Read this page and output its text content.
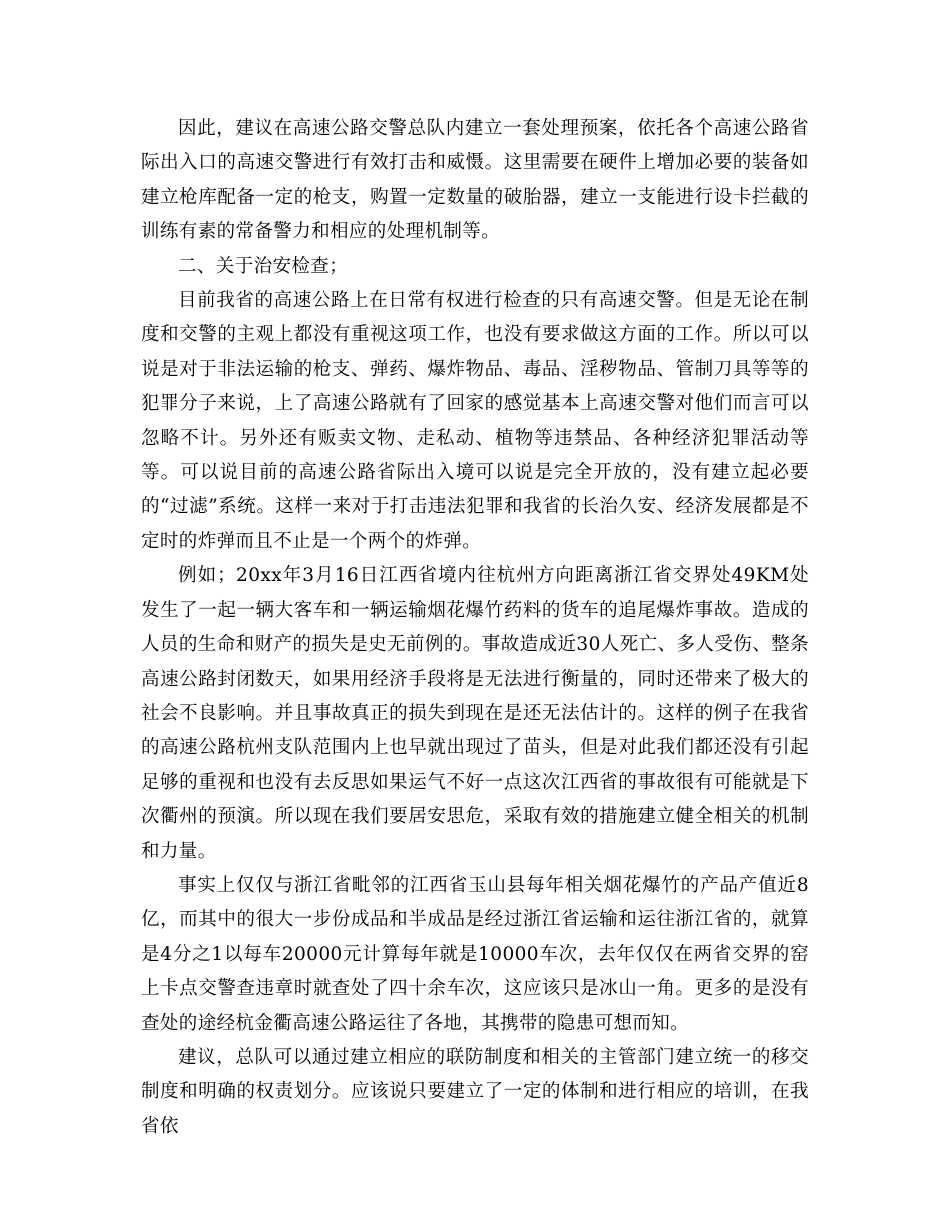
因此，建议在高速公路交警总队内建立一套处理预案，依托各个高速公路省际出入口的高速交警进行有效打击和威慑。这里需要在硬件上增加必要的装备如建立枪库配备一定的枪支，购置一定数量的破胎器，建立一支能进行设卡拦截的训练有素的常备警力和相应的处理机制等。

二、关于治安检查；

目前我省的高速公路上在日常有权进行检查的只有高速交警。但是无论在制度和交警的主观上都没有重视这项工作，也没有要求做这方面的工作。所以可以说是对于非法运输的枪支、弹药、爆炸物品、毒品、淫秽物品、管制刀具等等的犯罪分子来说，上了高速公路就有了回家的感觉基本上高速交警对他们而言可以忽略不计。另外还有贩卖文物、走私动、植物等违禁品、各种经济犯罪活动等等。可以说目前的高速公路省际出入境可以说是完全开放的，没有建立起必要的“过滤”系统。这样一来对于打击违法犯罪和我省的长治久安、经济发展都是不定时的炸弹而且不止是一个两个的炸弹。

例如；20xx年3月16日江西省境内往杭州方向距离浙江省交界处49KM处发生了一起一辆大客车和一辆运输烟花爆竹药料的货车的追尾爆炸事故。造成的人员的生命和财产的损失是史无前例的。事故造成近30人死亡、多人受伤、整条高速公路封闭数天，如果用经济手段将是无法进行衡量的，同时还带来了极大的社会不良影响。并且事故真正的损失到现在是还无法估计的。这样的例子在我省的高速公路杭州支队范围内上也早就出现过了苗头，但是对此我们都还没有引起足够的重视和也没有去反思如果运气不好一点这次江西省的事故很有可能就是下次衢州的预演。所以现在我们要居安思危，采取有效的措施建立健全相关的机制和力量。

事实上仅仅与浙江省毗邻的江西省玉山县每年相关烟花爆竹的产品产值近8亿，而其中的很大一步份成品和半成品是经过浙江省运输和运往浙江省的，就算是4分之1以每车20000元计算每年就是10000车次，去年仅仅在两省交界的窑上卡点交警查违章时就查处了四十余车次，这应该只是冰山一角。更多的是没有查处的途经杭金衢高速公路运往了各地，其携带的隐患可想而知。

建议，总队可以通过建立相应的联防制度和相关的主管部门建立统一的移交制度和明确的权责划分。应该说只要建立了一定的体制和进行相应的培训，在我省依
